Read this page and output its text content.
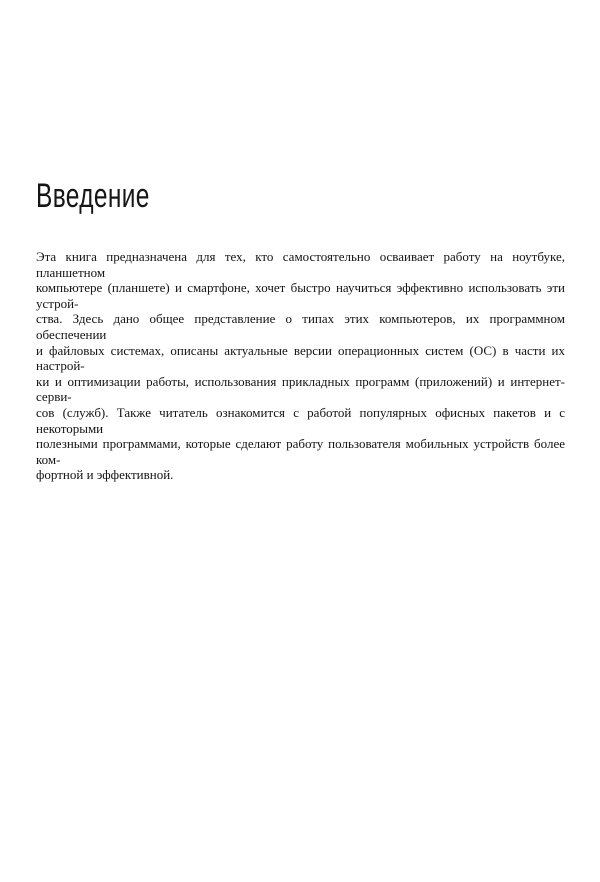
Введение
Эта книга предназначена для тех, кто самостоятельно осваивает работу на ноутбуке, планшетном
компьютере (планшете) и смартфоне, хочет быстро научиться эффективно использовать эти устрой-
ства. Здесь дано общее представление о типах этих компьютеров, их программном обеспечении
и файловых системах, описаны актуальные версии операционных систем (ОС) в части их настрой-
ки и оптимизации работы, использования прикладных программ (приложений) и интернет-серви-
сов (служб). Также читатель ознакомится с работой популярных офисных пакетов и с некоторыми
полезными программами, которые сделают работу пользователя мобильных устройств более ком-
фортной и эффективной.
